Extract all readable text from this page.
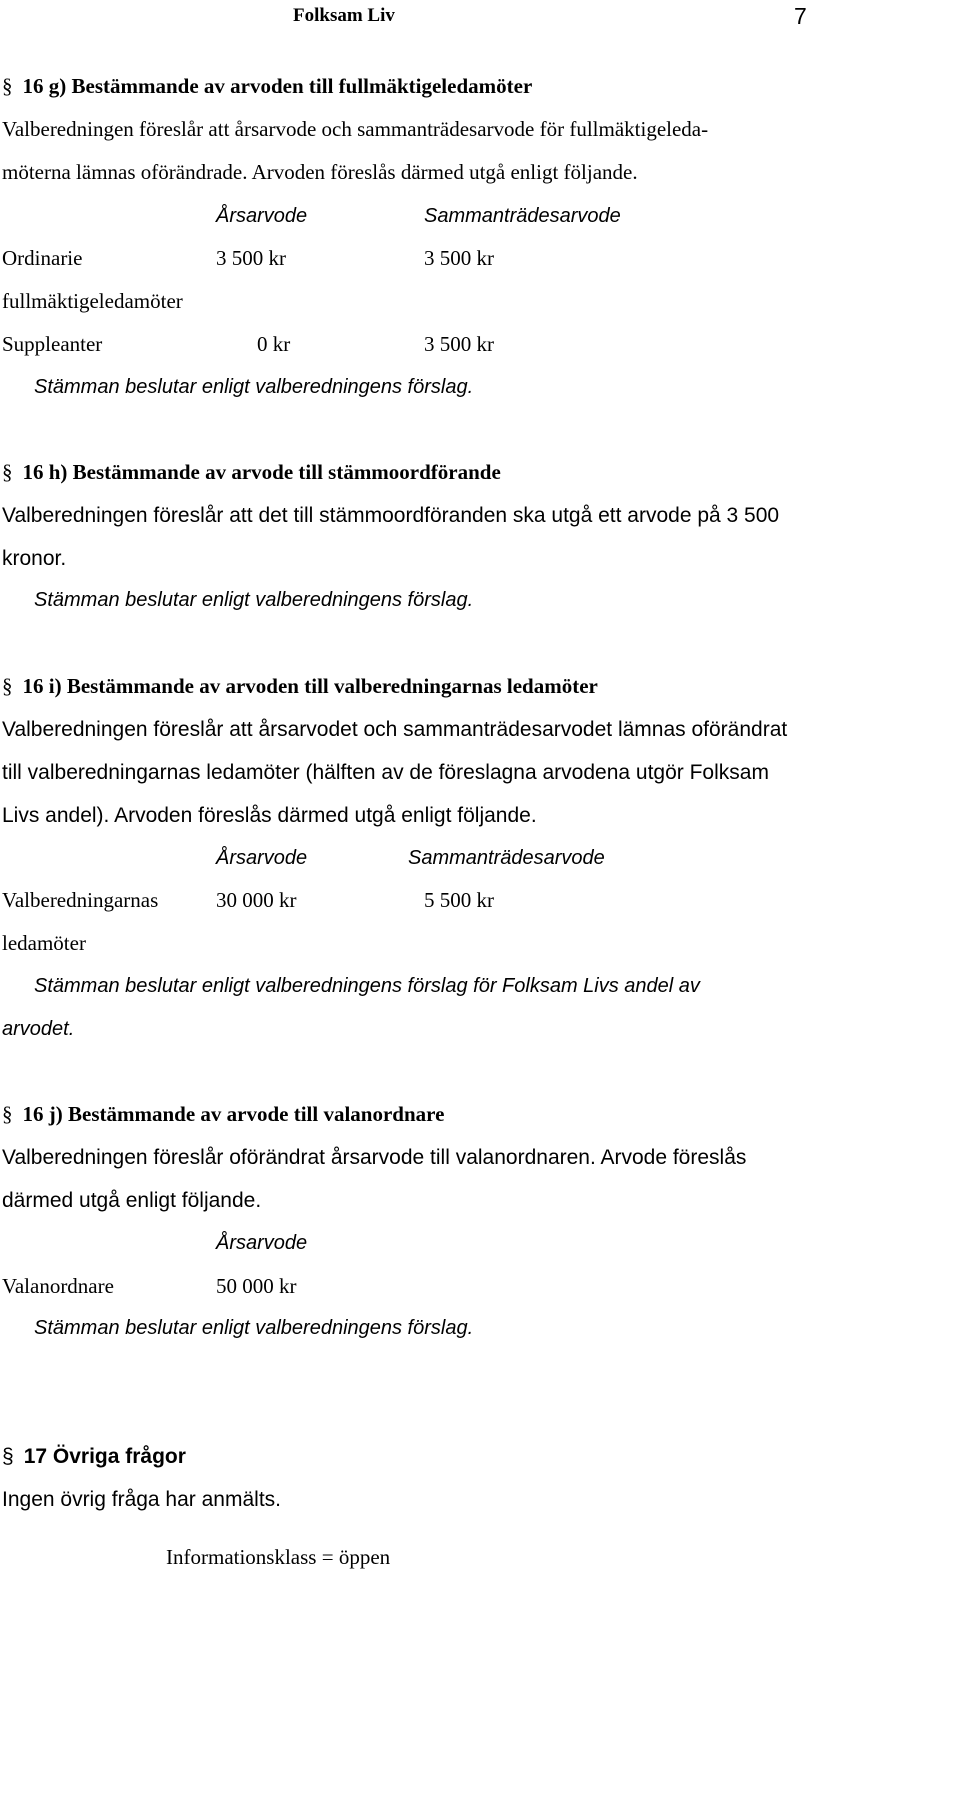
Folksam Liv	7
§ 16 g) Bestämmande av arvoden till fullmäktigeledamöter
Valberedningen föreslår att årsarvode och sammanträdesarvode för fullmäktigeleda-
möterna lämnas oförändrade. Arvoden föreslås därmed utgå enligt följande.
Årsarvode	Sammanträdesarvode
Ordinarie	3 500 kr	3 500 kr
fullmäktigeledamöter
Suppleanter	0 kr	3 500 kr
Stämman beslutar enligt valberedningens förslag.
§ 16 h) Bestämmande av arvode till stämmoordförande
Valberedningen föreslår att det till stämmoordföranden ska utgå ett arvode på 3 500
kronor.
Stämman beslutar enligt valberedningens förslag.
§ 16 i) Bestämmande av arvoden till valberedningarnas ledamöter
Valberedningen föreslår att årsarvodet och sammanträdesarvodet lämnas oförändrat
till valberedningarnas ledamöter (hälften av de föreslagna arvodena utgör Folksam
Livs andel). Arvoden föreslås därmed utgå enligt följande.
Årsarvode	Sammanträdesarvode
Valberedningarnas	30 000 kr	5 500 kr
ledamöter
Stämman beslutar enligt valberedningens förslag för Folksam Livs andel av
arvodet.
§ 16 j) Bestämmande av arvode till valanordnare
Valberedningen föreslår oförändrat årsarvode till valanordnaren. Arvode föreslås
därmed utgå enligt följande.
Årsarvode
Valanordnare	50 000 kr
Stämman beslutar enligt valberedningens förslag.
§ 17 Övriga frågor
Ingen övrig fråga har anmälts.
Informationsklass = öppen
